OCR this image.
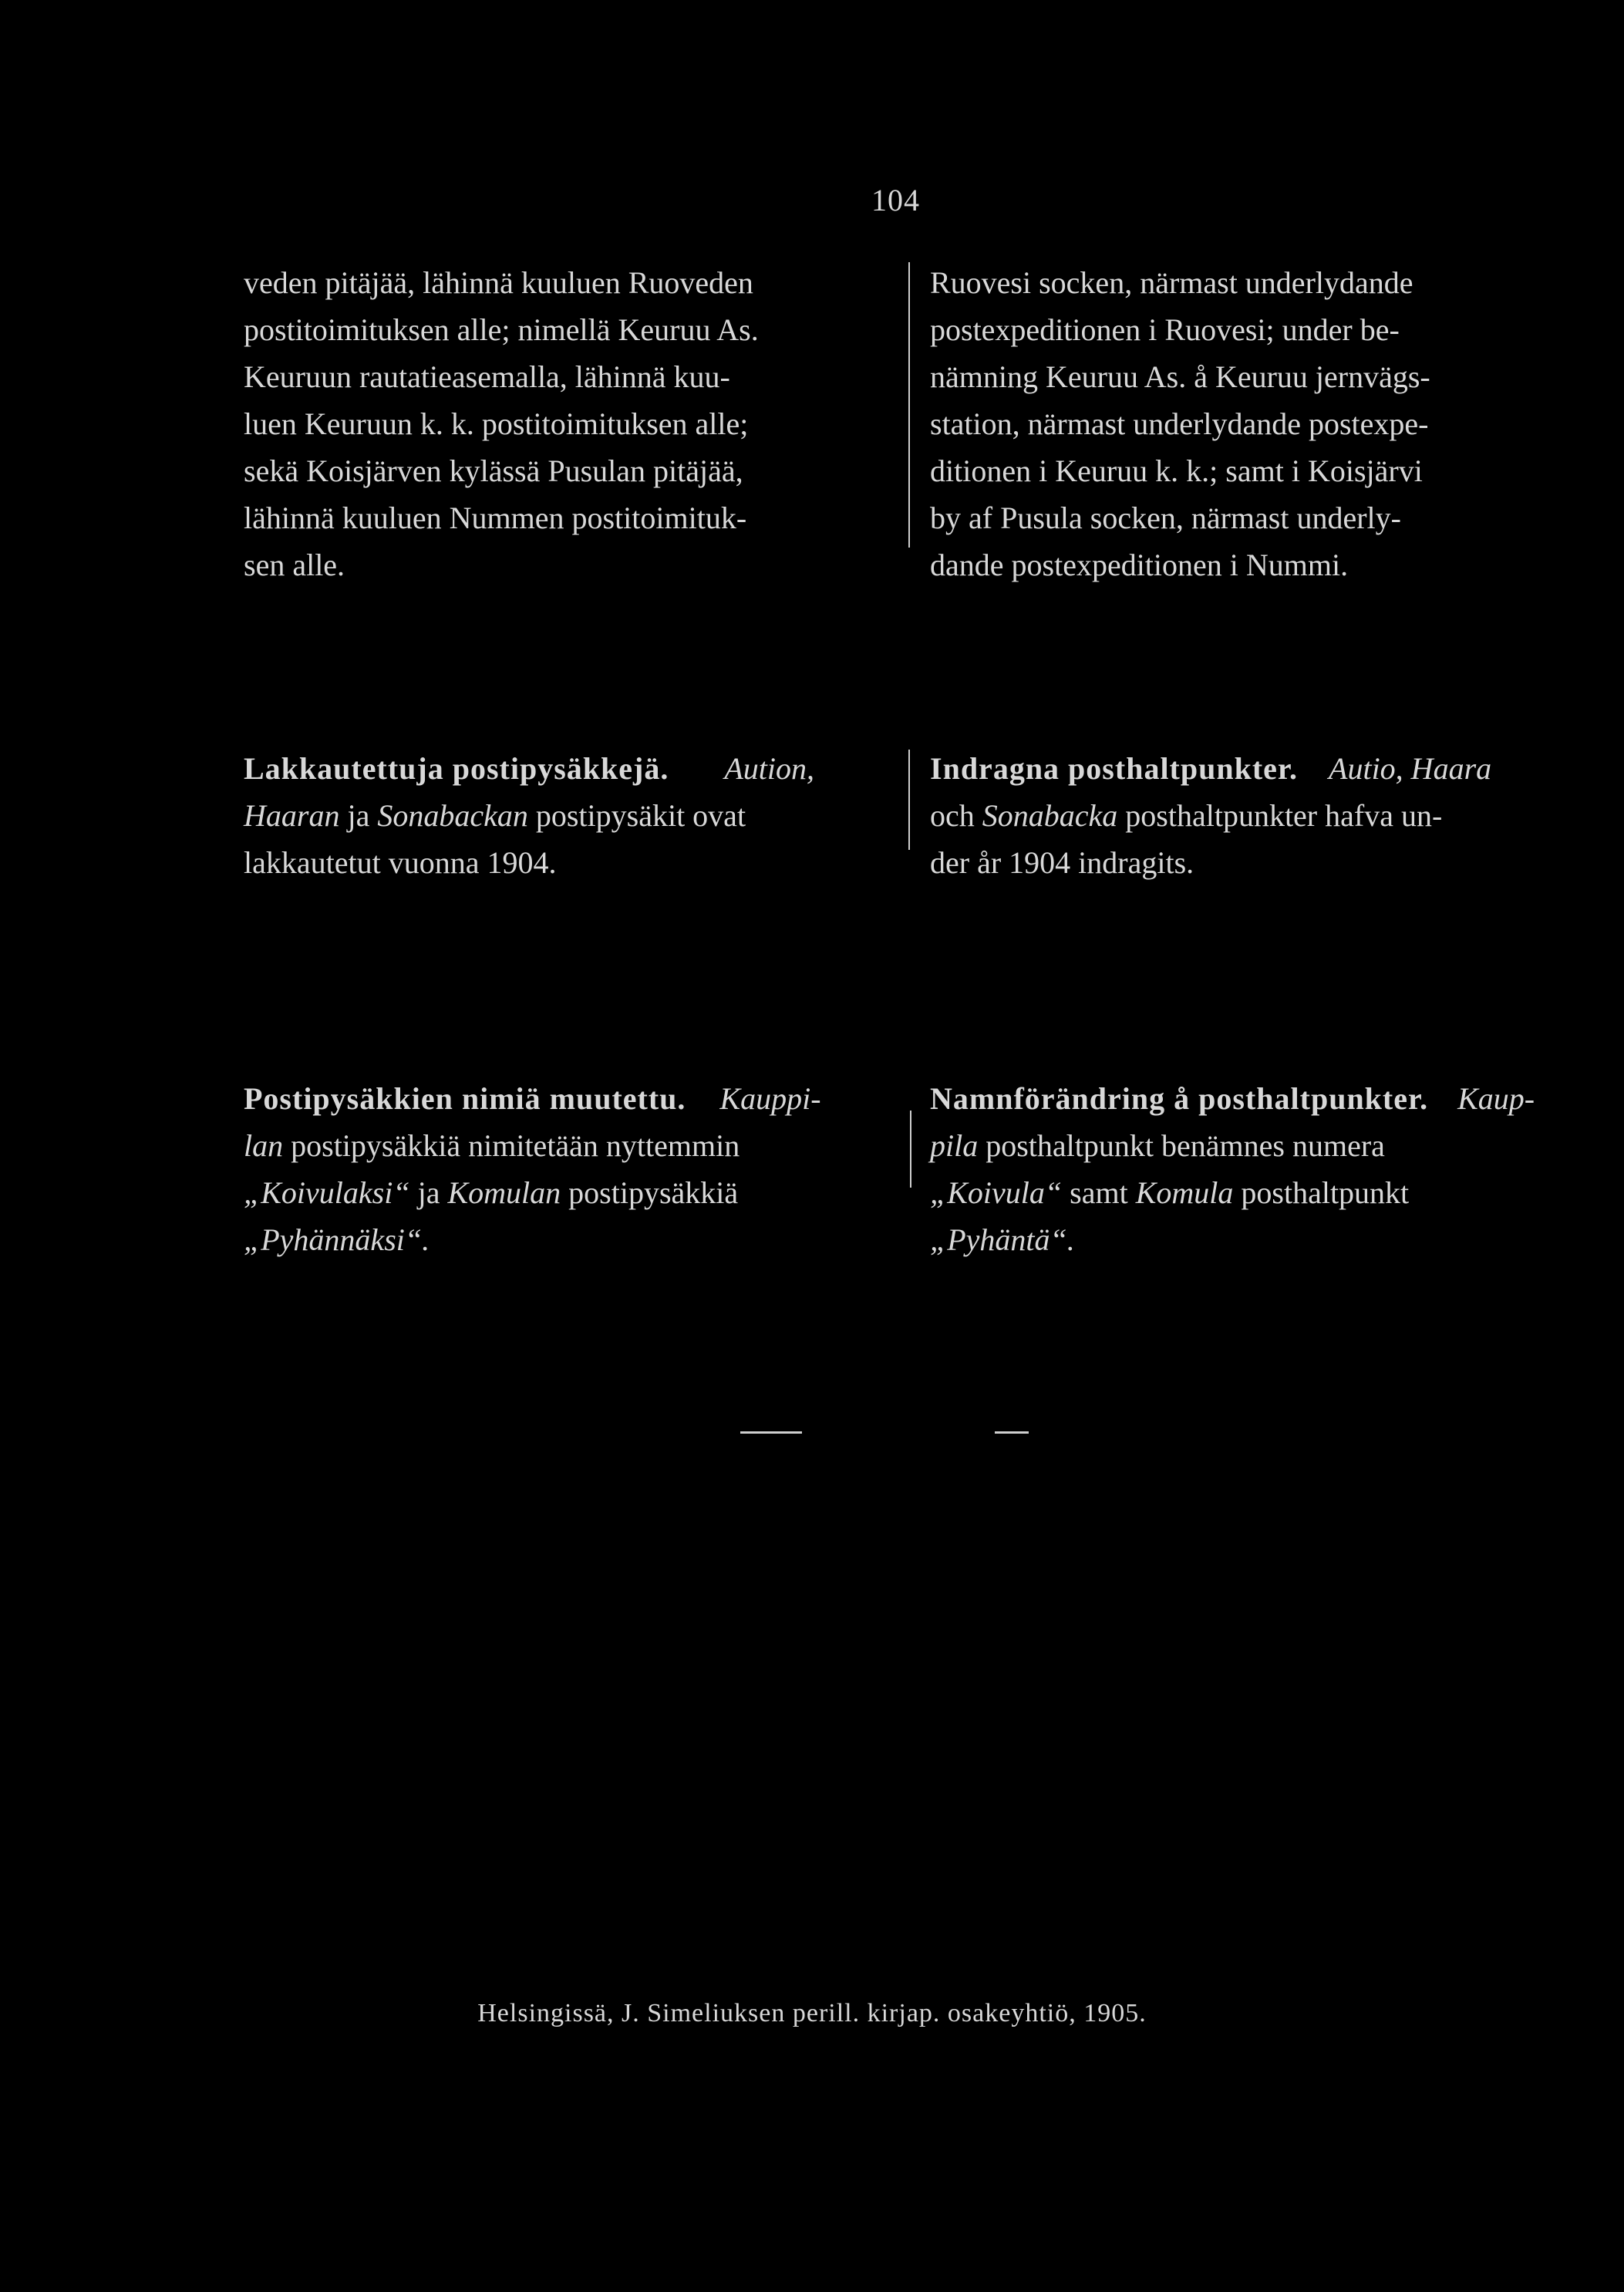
104
veden pitäjää, lähinnä kuuluen Ruoveden
postitoimituksen alle; nimellä Keuruu As.
Keuruun rautatieasemalla, lähinnä kuu-
luen Keuruun k. k. postitoimituksen alle;
sekä Koisjärven kylässä Pusulan pitäjää,
lähinnä kuuluen Nummen postitoimituk-
sen alle.
Ruovesi socken, närmast underlydande
postexpeditionen i Ruovesi; under be-
nämning Keuruu As. å Keuruu jernvägs-
station, närmast underlydande postexpe-
ditionen i Keuruu k. k.; samt i Koisjärvi
by af Pusula socken, närmast underly-
dande postexpeditionen i Nummi.
Lakkautettuja postipysäkkejä. Aution,
Haaran ja Sonabackan postipysäkit ovat
lakkautetut vuonna 1904.
Indragna posthaltpunkter. Autio, Haara
och Sonabacka posthaltpunkter hafva un-
der år 1904 indragits.
Postipysäkkien nimiä muutettu. Kauppi-
lan postipysäkkiä nimitetään nyttemmin
„Koivulaksi“ ja Komulan postipysäkkiä
„Pyhännäksi“.
Namnförändring å posthaltpunkter. Kaup-
pila posthaltpunkt benämnes numera
„Koivula“ samt Komula posthaltpunkt
„Pyhäntä“.
Helsingissä, J. Simeliuksen perill. kirjap. osakeyhtiö, 1905.
